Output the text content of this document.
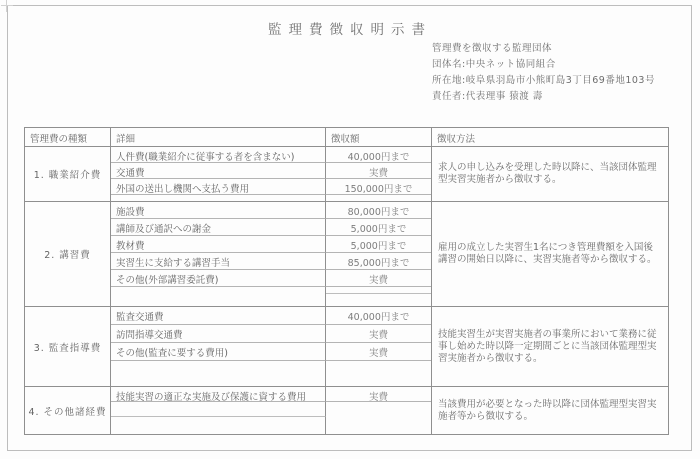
監理費徴収明示書
管理費を徴収する監理団体
団体名:中央ネット協同組合
所在地:岐阜県羽島市小熊町島3丁目69番地103号
責任者:代表理事 猿渡 壽
管理費の種類	詳細	徴収額	徴収方法
1. 職業紹介費
人件費(職業紹介に従事する者を含まない)	40,000円まで
交通費	実費
外国の送出し機関へ支払う費用	150,000円まで
求人の申し込みを受理した時以降に、当該団体監理型実習実施者から徴収する。
2. 講習費
施設費	80,000円まで
講師及び通訳への謝金	5,000円まで
教材費	5,000円まで
実習生に支給する講習手当	85,000円まで
その他(外部講習委託費)	実費
雇用の成立した実習生1名につき管理費額を入国後講習の開始日以降に、実習実施者等から徴収する。
3. 監査指導費
監査交通費	40,000円まで
訪問指導交通費	実費
その他(監査に要する費用)	実費
技能実習生が実習実施者の事業所において業務に従事し始めた時以降一定期間ごとに当該団体監理型実習実施者から徴収する。
4. その他諸経費
技能実習の適正な実施及び保護に資する費用	実費
当該費用が必要となった時以降に団体監理型実習実施者等から徴収する。
